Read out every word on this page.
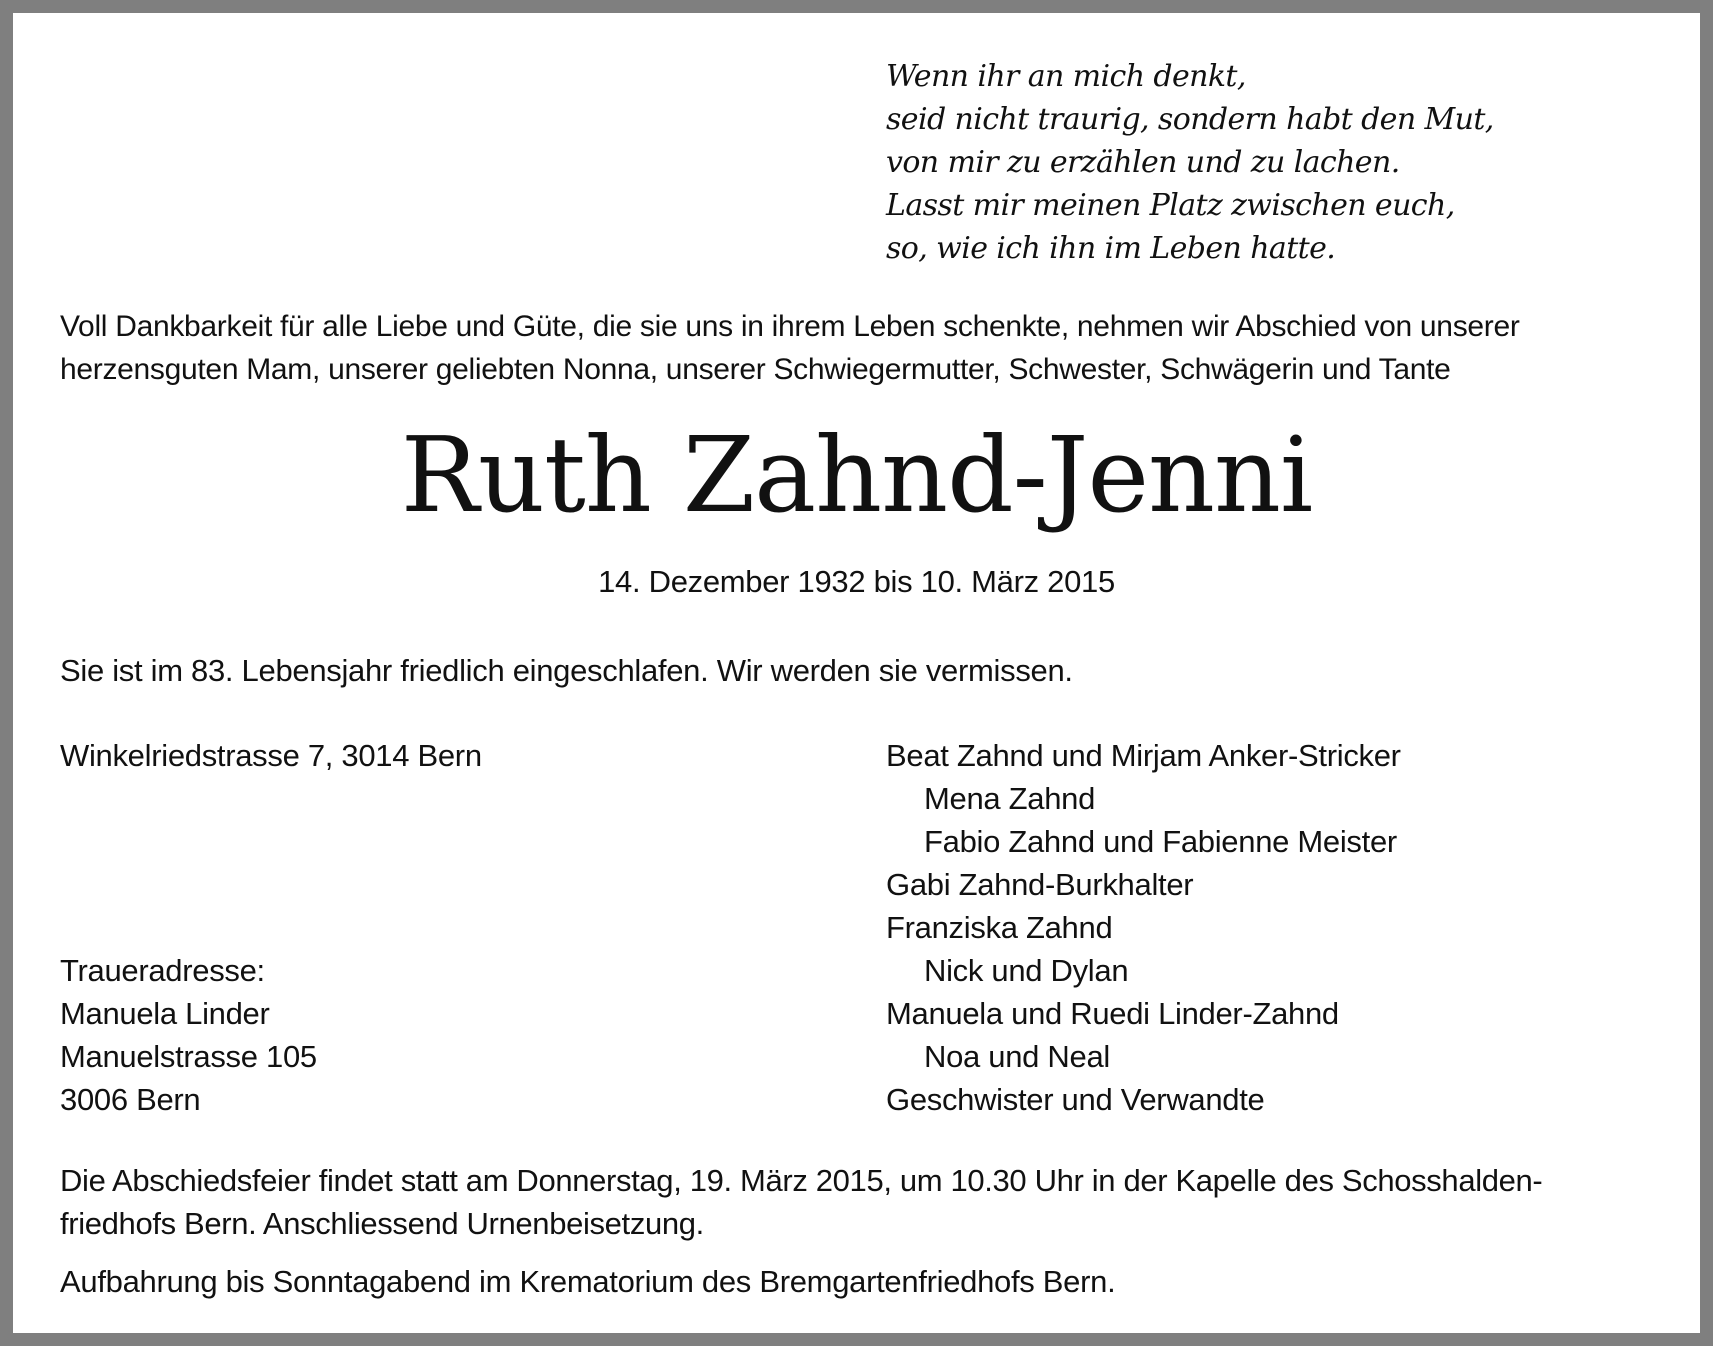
Wenn ihr an mich denkt,
seid nicht traurig, sondern habt den Mut,
von mir zu erzählen und zu lachen.
Lasst mir meinen Platz zwischen euch,
so, wie ich ihn im Leben hatte.
Voll Dankbarkeit für alle Liebe und Güte, die sie uns in ihrem Leben schenkte, nehmen wir Abschied von unserer
herzensguten Mam, unserer geliebten Nonna, unserer Schwiegermutter, Schwester, Schwägerin und Tante
Ruth Zahnd-Jenni
14. Dezember 1932 bis 10. März 2015
Sie ist im 83. Lebensjahr friedlich eingeschlafen. Wir werden sie vermissen.
Winkelriedstrasse 7, 3014 Bern
Traueradresse:
Manuela Linder
Manuelstrasse 105
3006 Bern
Beat Zahnd und Mirjam Anker-Stricker
Mena Zahnd
Fabio Zahnd und Fabienne Meister
Gabi Zahnd-Burkhalter
Franziska Zahnd
Nick und Dylan
Manuela und Ruedi Linder-Zahnd
Noa und Neal
Geschwister und Verwandte
Die Abschiedsfeier findet statt am Donnerstag, 19. März 2015, um 10.30 Uhr in der Kapelle des Schosshalden-
friedhofs Bern. Anschliessend Urnenbeisetzung.
Aufbahrung bis Sonntagabend im Krematorium des Bremgartenfriedhofs Bern.
